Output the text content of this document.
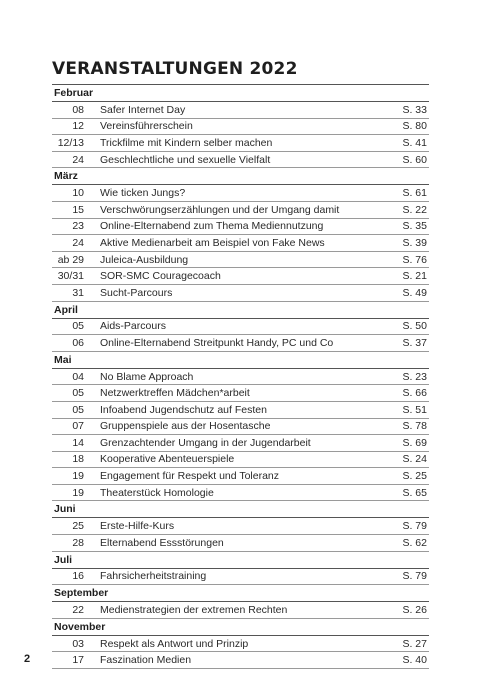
VERANSTALTUNGEN 2022
Februar
08 Safer Internet Day	S. 33
12 Vereinsführerschein	S. 80
12/13 Trickfilme mit Kindern selber machen	S. 41
24 Geschlechtliche und sexuelle Vielfalt	S. 60
März
10 Wie ticken Jungs?	S. 61
15 Verschwörungserzählungen und der Umgang damit	S. 22
23 Online-Elternabend zum Thema Mediennutzung	S. 35
24 Aktive Medienarbeit am Beispiel von Fake News	S. 39
ab 29 Juleica-Ausbildung	S. 76
30/31 SOR-SMC Couragecoach	S. 21
31 Sucht-Parcours	S. 49
April
05 Aids-Parcours	S. 50
06 Online-Elternabend Streitpunkt Handy, PC und Co	S. 37
Mai
04 No Blame Approach	S. 23
05 Netzwerktreffen Mädchen*arbeit	S. 66
05 Infoabend Jugendschutz auf Festen	S. 51
07 Gruppenspiele aus der Hosentasche	S. 78
14 Grenzachtender Umgang in der Jugendarbeit	S. 69
18 Kooperative Abenteuerspiele	S. 24
19 Engagement für Respekt und Toleranz	S. 25
19 Theaterstück Homologie	S. 65
Juni
25 Erste-Hilfe-Kurs	S. 79
28 Elternabend Essstörungen	S. 62
Juli
16 Fahrsicherheitstraining	S. 79
September
22 Medienstrategien der extremen Rechten	S. 26
November
03 Respekt als Antwort und Prinzip	S. 27
17 Faszination Medien	S. 40
2
